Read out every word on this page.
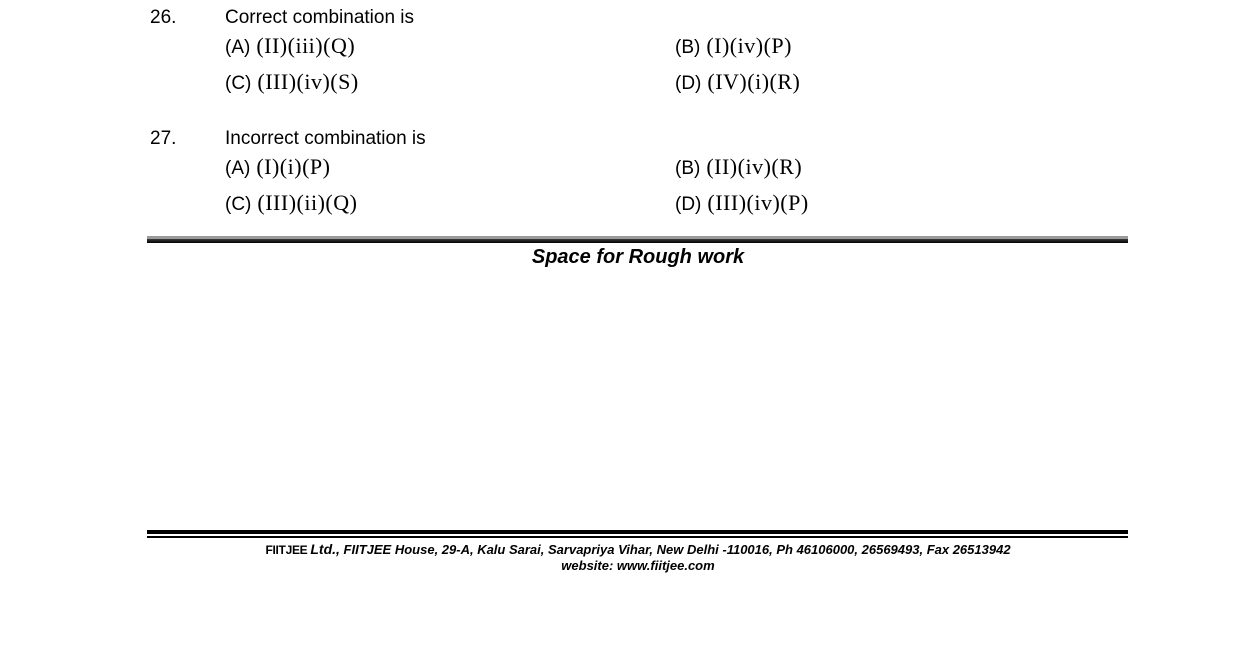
26.	Correct combination is
(A) (II)(iii)(Q)	(B) (I)(iv)(P)
(C) (III)(iv)(S)	(D) (IV)(i)(R)
27.	Incorrect combination is
(A) (I)(i)(P)	(B) (II)(iv)(R)
(C) (III)(ii)(Q)	(D) (III)(iv)(P)
Space for Rough work
FIITJEE Ltd., FIITJEE House, 29-A, Kalu Sarai, Sarvapriya Vihar, New Delhi -110016, Ph 46106000, 26569493, Fax 26513942
website: www.fiitjee.com
